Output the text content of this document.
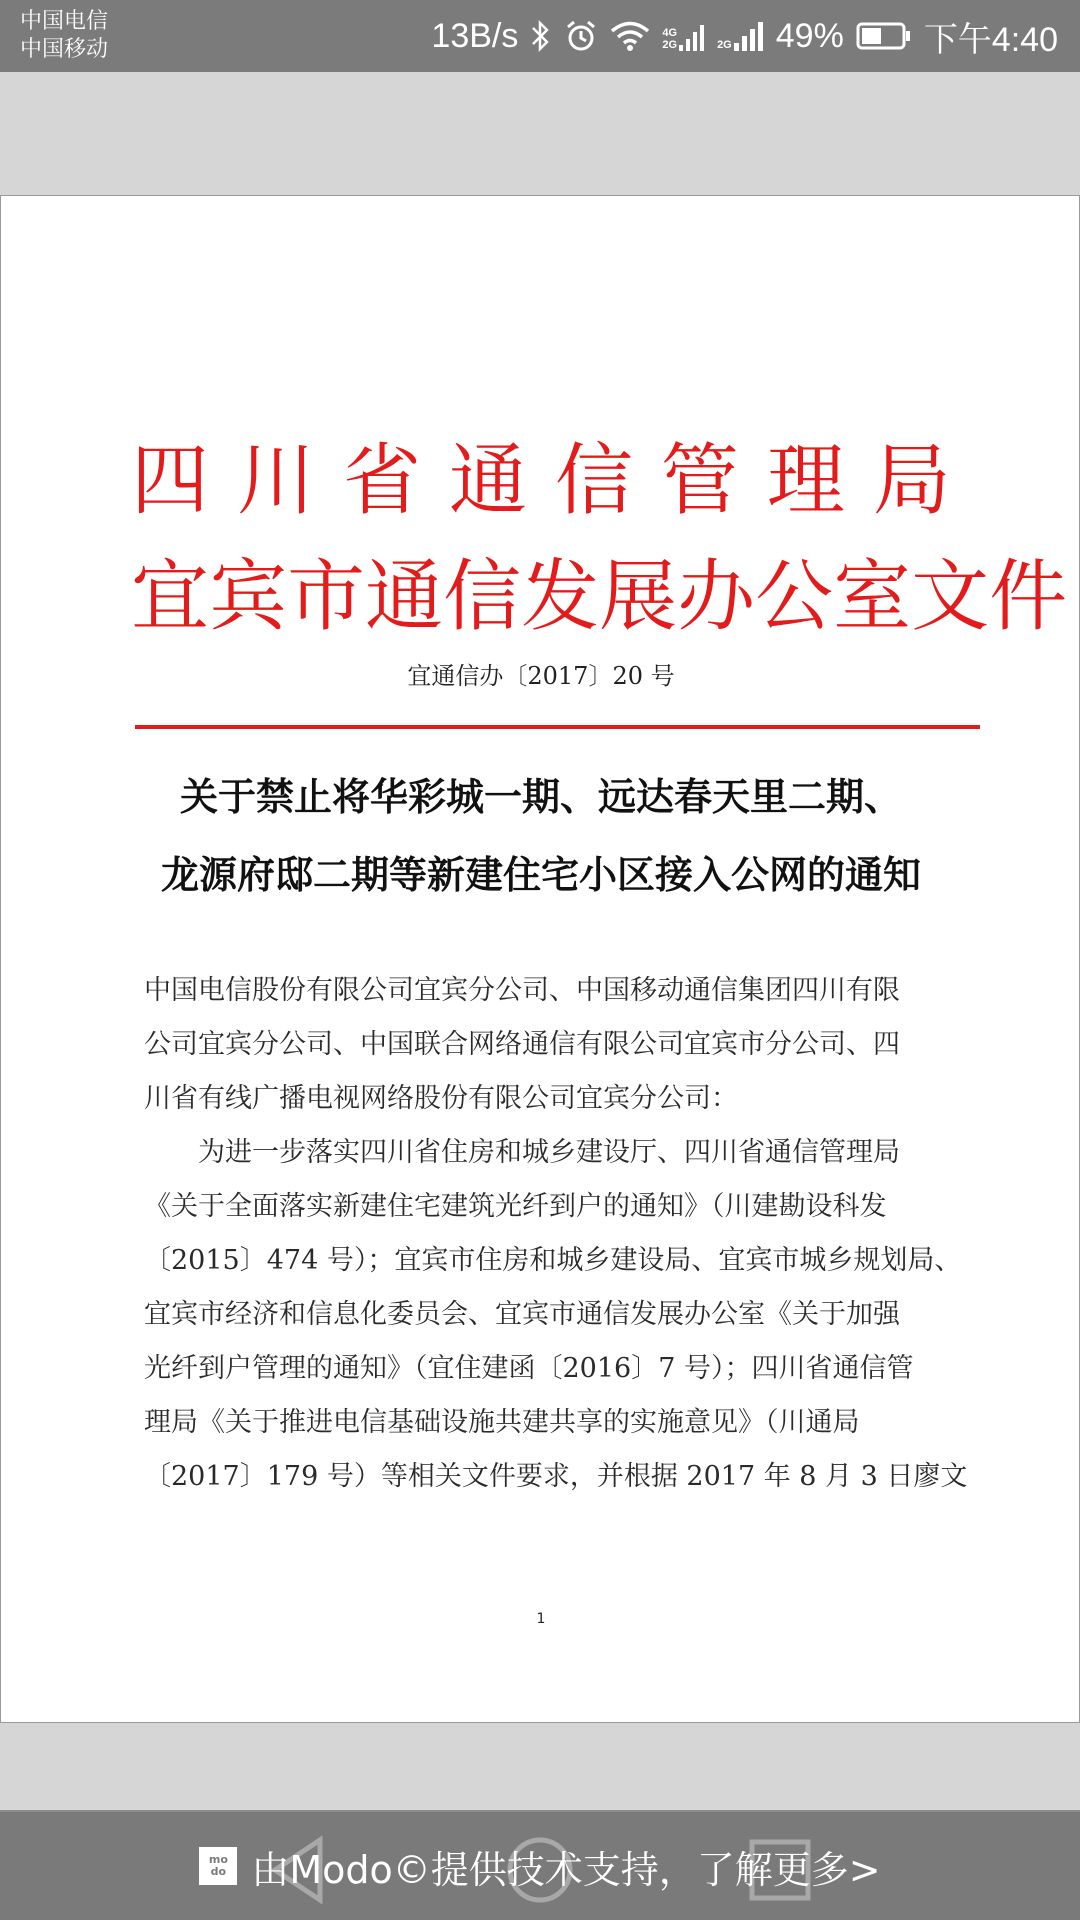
中国电信
中国移动	13B/s	4G
2G	2G 49% 下午4:40
四 川 省 通 信 管 理 局
宜 宾 市 通 信 发 展 办 公 室 文 件
宜通信办〔2017〕20 号
关于禁止将华彩城一期、远达春天里二期、
龙源府邸二期等新建住宅小区接入公网的通知
中国电信股份有限公司宜宾分公司、中国移动通信集团四川有限
公司宜宾分公司、中国联合网络通信有限公司宜宾市分公司、四
川省有线广播电视网络股份有限公司宜宾分公司：
　　为进一步落实四川省住房和城乡建设厅、四川省通信管理局
《关于全面落实新建住宅建筑光纤到户的通知》（川建勘设科发
〔2015〕474 号）；宜宾市住房和城乡建设局、宜宾市城乡规划局、
宜宾市经济和信息化委员会、宜宾市通信发展办公室《关于加强
光纤到户管理的通知》（宜住建函〔2016〕7 号）；四川省通信管
理局《关于推进电信基础设施共建共享的实施意见》（川通局
〔2017〕179 号）等相关文件要求，并根据 2017 年 8 月 3 日廖文
1
mo
do 由Modo©提供技术支持，了解更多>
